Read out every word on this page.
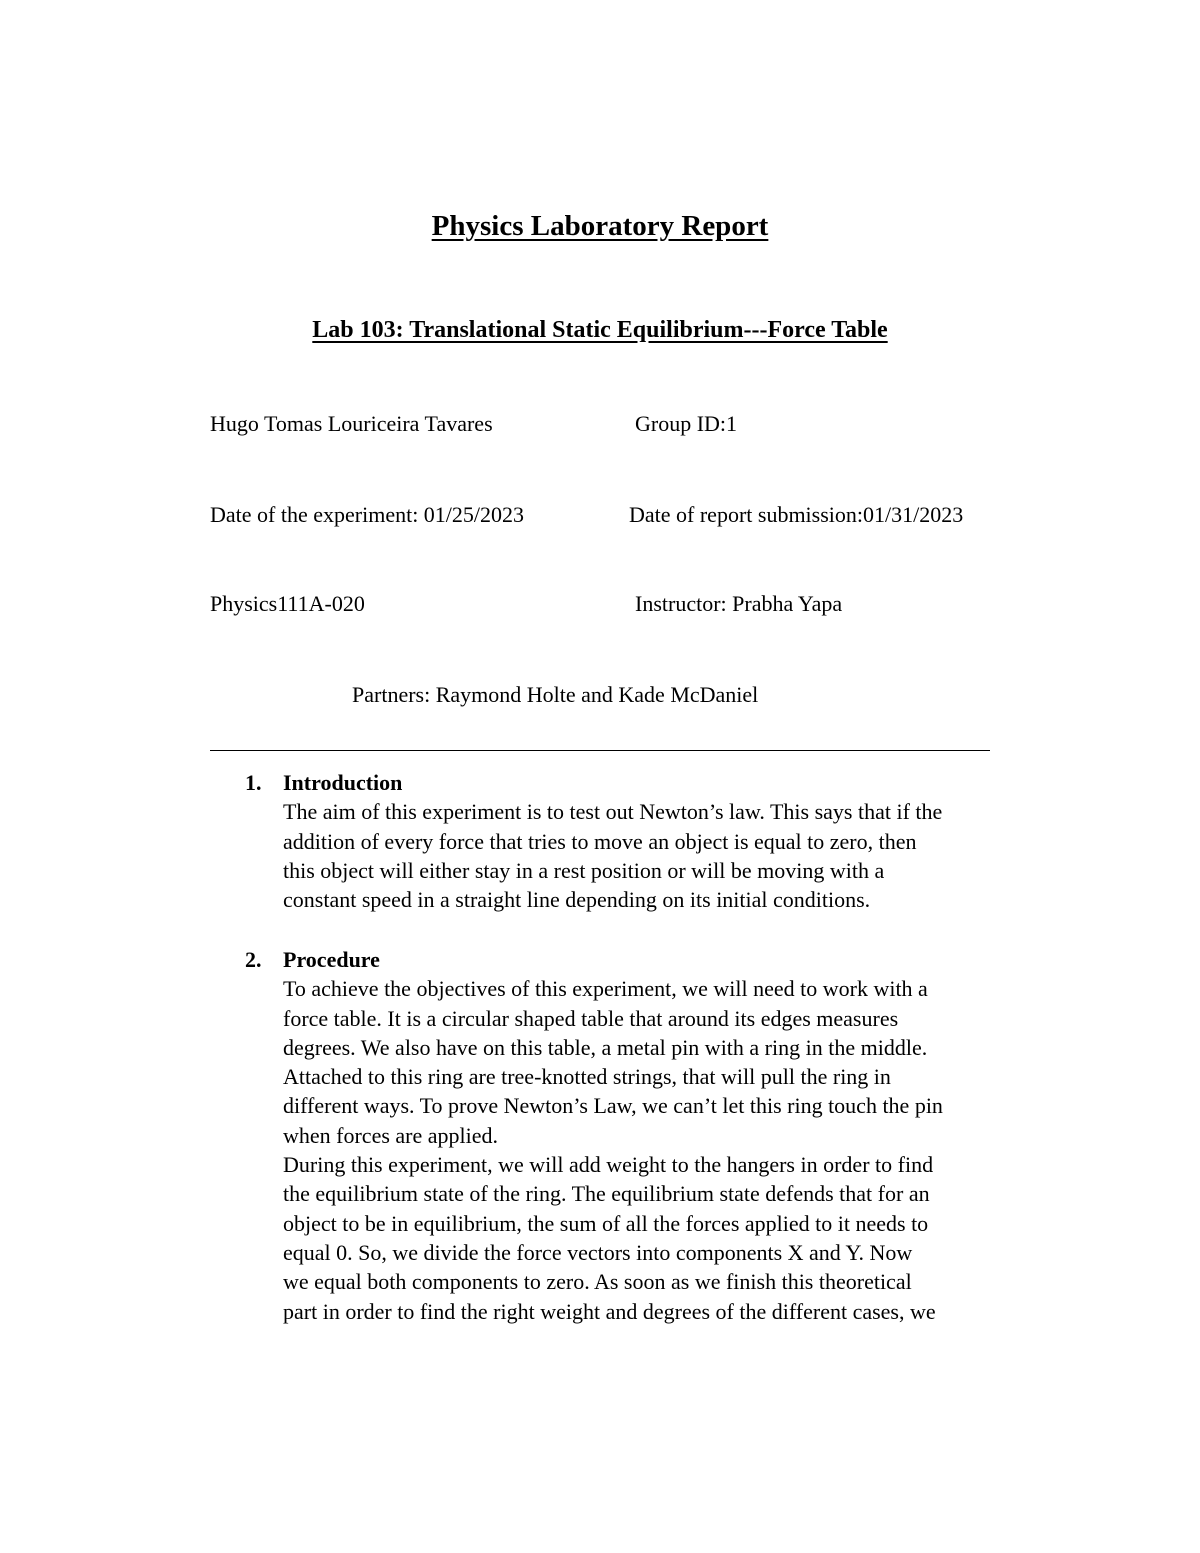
Physics Laboratory Report
Lab 103: Translational Static Equilibrium---Force Table
Hugo Tomas Louriceira Tavares	Group ID:1
Date of the experiment: 01/25/2023	Date of report submission:01/31/2023
Physics111A-020	Instructor: Prabha Yapa
Partners: Raymond Holte and Kade McDaniel
1. Introduction
The aim of this experiment is to test out Newton’s law. This says that if the
addition of every force that tries to move an object is equal to zero, then
this object will either stay in a rest position or will be moving with a
constant speed in a straight line depending on its initial conditions.
2. Procedure
To achieve the objectives of this experiment, we will need to work with a
force table. It is a circular shaped table that around its edges measures
degrees. We also have on this table, a metal pin with a ring in the middle.
Attached to this ring are tree-knotted strings, that will pull the ring in
different ways. To prove Newton’s Law, we can’t let this ring touch the pin
when forces are applied.
During this experiment, we will add weight to the hangers in order to find
the equilibrium state of the ring. The equilibrium state defends that for an
object to be in equilibrium, the sum of all the forces applied to it needs to
equal 0. So, we divide the force vectors into components X and Y. Now
we equal both components to zero. As soon as we finish this theoretical
part in order to find the right weight and degrees of the different cases, we
